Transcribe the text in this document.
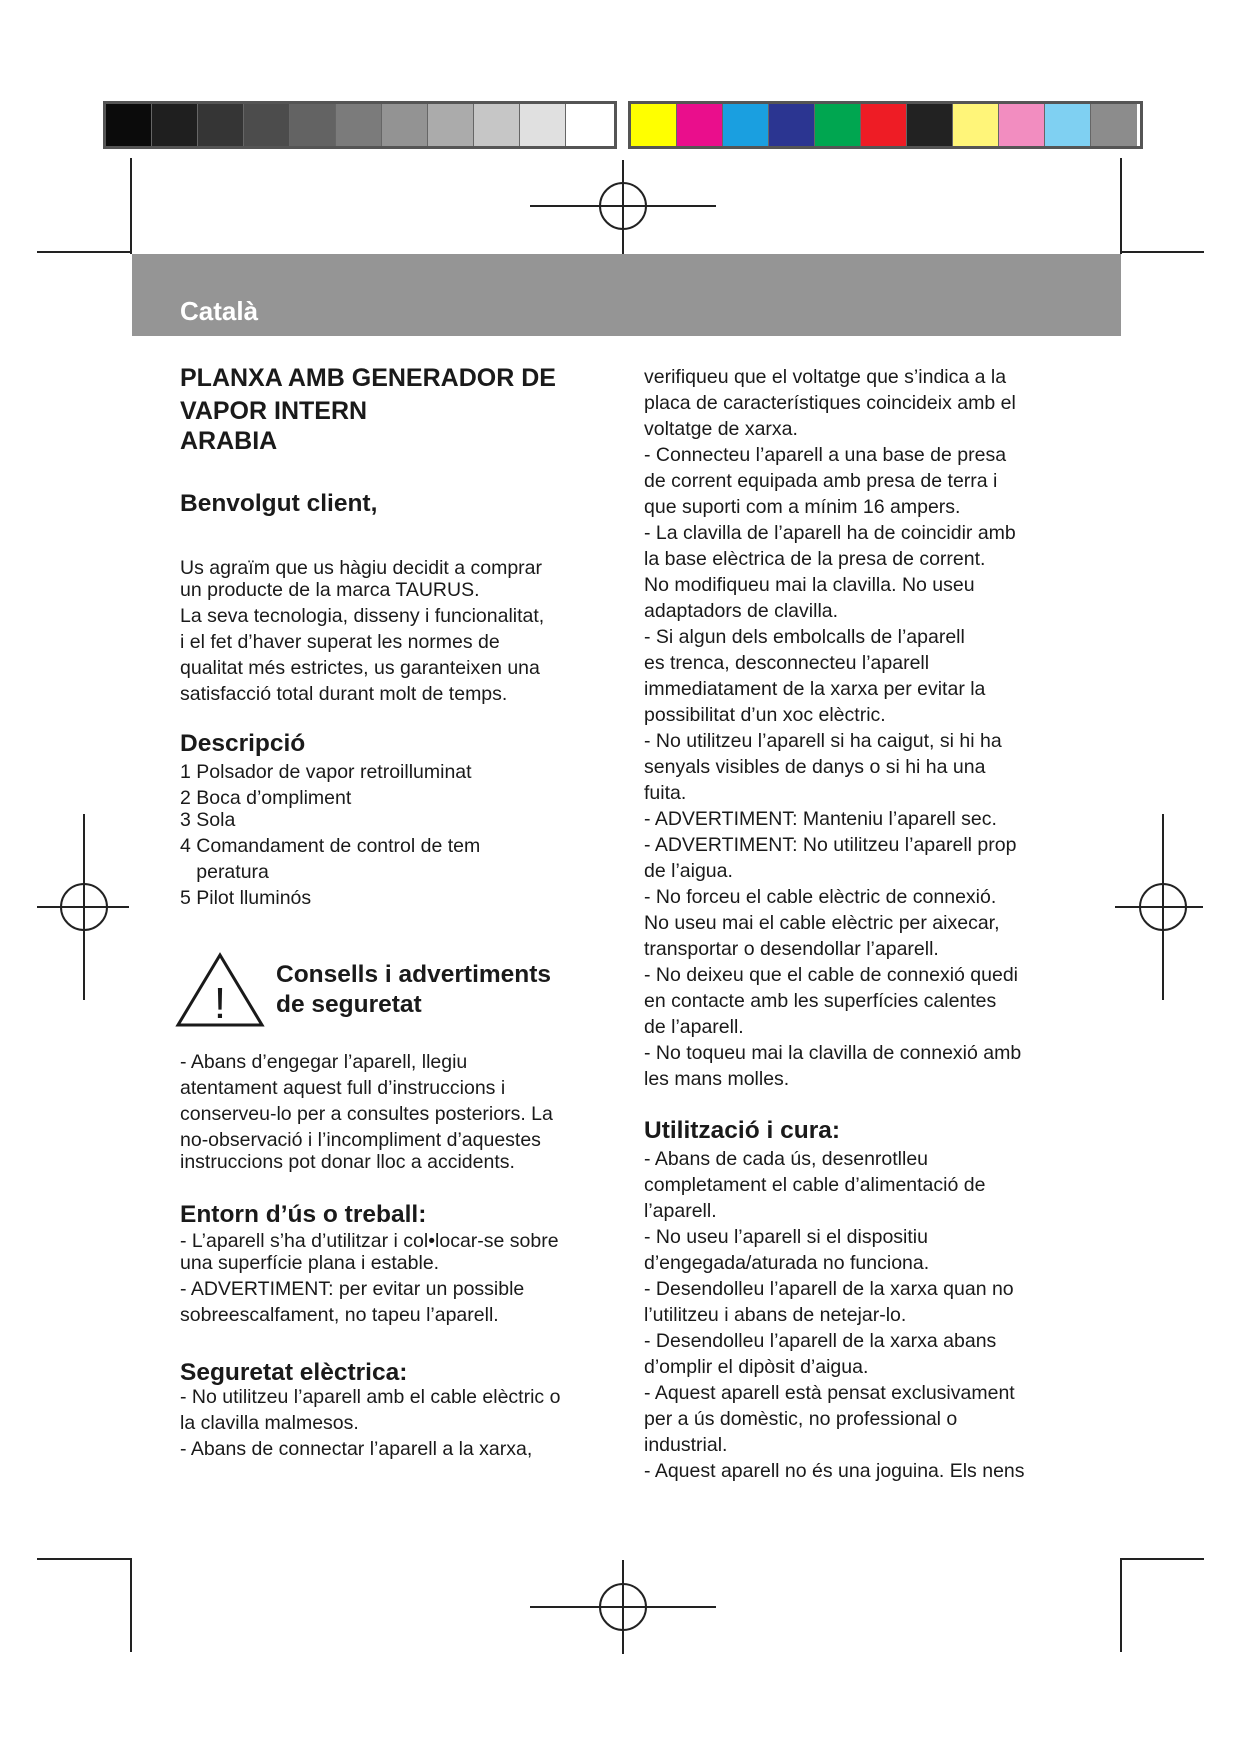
Català
PLANXA AMB GENERADOR DE
VAPOR INTERN
ARABIA
Benvolgut client,

Us agraïm que us hàgiu decidit a comprar

un producte de la marca TAURUS.

La seva tecnologia, disseny i funcionalitat,

i el fet d’haver superat les normes de

qualitat més estrictes, us garanteixen una

satisfacció total durant molt de temps.

Descripció

1 Polsador de vapor retroilluminat

2 Boca d’ompliment

3 Sola

4 Comandament de control de tem

peratura

5 Pilot lluminós

!
Consells i advertiments
de seguretat

- Abans d’engegar l’aparell, llegiu

atentament aquest full d’instruccions i

conserveu-lo per a consultes posteriors. La

no-observació i l’incompliment d’aquestes

instruccions pot donar lloc a accidents.

Entorn d’ús o treball:

- L’aparell s’ha d’utilitzar i col•locar-se sobre

una superfície plana i estable.

- ADVERTIMENT: per evitar un possible

sobreescalfament, no tapeu l’aparell.

Seguretat elèctrica:

- No utilitzeu l’aparell amb el cable elèctric o

la clavilla malmesos.

- Abans de connectar l’aparell a la xarxa,

verifiqueu que el voltatge que s’indica a la

placa de característiques coincideix amb el

voltatge de xarxa.

- Connecteu l’aparell a una base de presa

de corrent equipada amb presa de terra i

que suporti com a mínim 16 ampers.

- La clavilla de l’aparell ha de coincidir amb

la base elèctrica de la presa de corrent.

No modifiqueu mai la clavilla. No useu

adaptadors de clavilla.

- Si algun dels embolcalls de l’aparell

es trenca, desconnecteu l’aparell

immediatament de la xarxa per evitar la

possibilitat d’un xoc elèctric.

- No utilitzeu l’aparell si ha caigut, si hi ha

senyals visibles de danys o si hi ha una

fuita.

- ADVERTIMENT: Manteniu l’aparell sec.

- ADVERTIMENT: No utilitzeu l’aparell prop

de l’aigua.

- No forceu el cable elèctric de connexió.

No useu mai el cable elèctric per aixecar,

transportar o desendollar l’aparell.

- No deixeu que el cable de connexió quedi

en contacte amb les superfícies calentes

de l’aparell.

- No toqueu mai la clavilla de connexió amb

les mans molles.

Utilització i cura:

- Abans de cada ús, desenrotlleu

completament el cable d’alimentació de

l’aparell.

- No useu l’aparell si el dispositiu

d’engegada/aturada no funciona.

- Desendolleu l’aparell de la xarxa quan no

l’utilitzeu i abans de netejar-lo.

- Desendolleu l’aparell de la xarxa abans

d’omplir el dipòsit d’aigua.

- Aquest aparell està pensat exclusivament

per a ús domèstic, no professional o

industrial.

- Aquest aparell no és una joguina. Els nens
